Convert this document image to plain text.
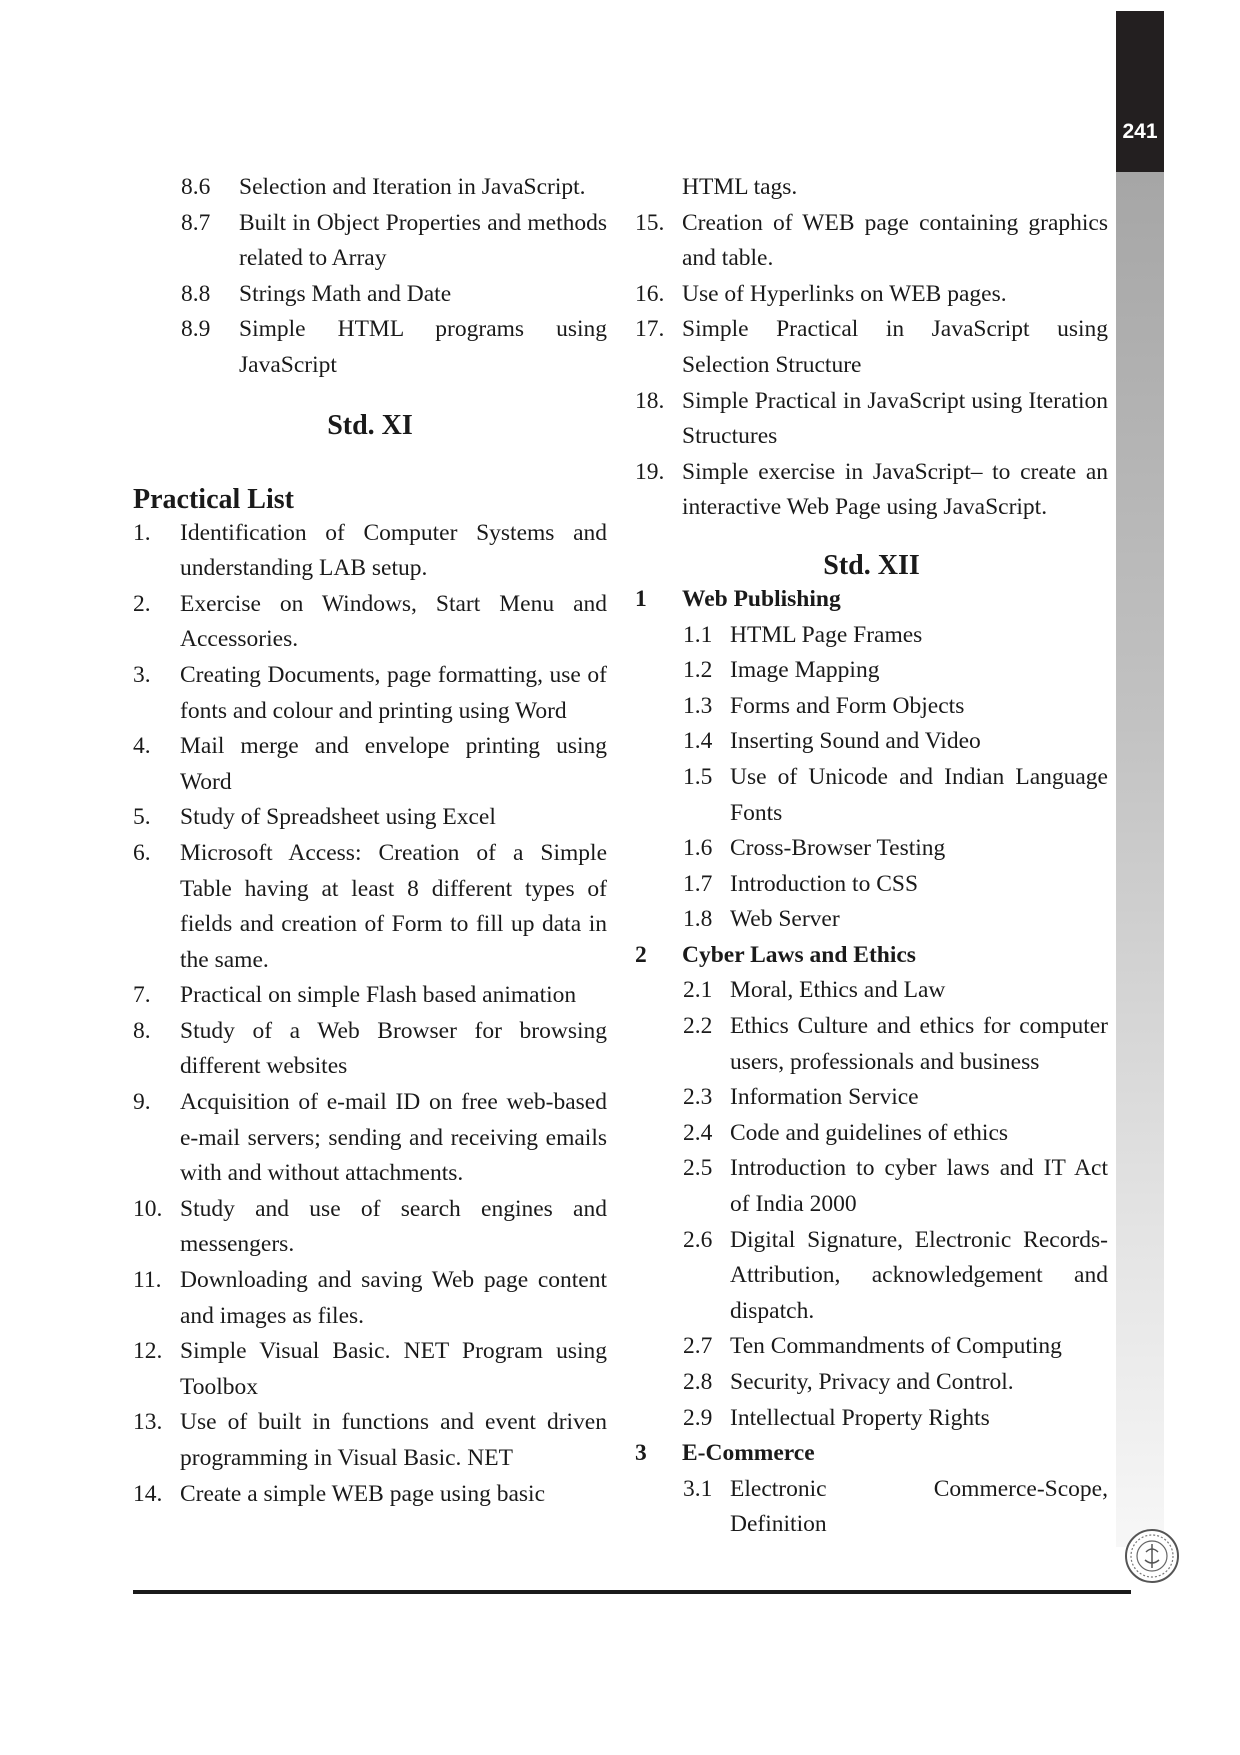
241
8.6 Selection and Iteration in JavaScript.
8.7 Built in Object Properties and methods related to Array
8.8 Strings Math and Date
8.9 Simple HTML programs using JavaScript
Std. XI
Practical List
1. Identification of Computer Systems and understanding LAB setup.
2. Exercise on Windows, Start Menu and Accessories.
3. Creating Documents, page formatting, use of fonts and colour and printing using Word
4. Mail merge and envelope printing using Word
5. Study of Spreadsheet using Excel
6. Microsoft Access: Creation of a Simple Table having at least 8 different types of fields and creation of Form to fill up data in the same.
7. Practical on simple Flash based animation
8. Study of a Web Browser for browsing different websites
9. Acquisition of e-mail ID on free web-based e-mail servers; sending and receiving emails with and without attachments.
10. Study and use of search engines and messengers.
11. Downloading and saving Web page content and images as files.
12. Simple Visual Basic. NET Program using Toolbox
13. Use of built in functions and event driven programming in Visual Basic. NET
14. Create a simple WEB page using basic
HTML tags.
15. Creation of WEB page containing graphics and table.
16. Use of Hyperlinks on WEB pages.
17. Simple Practical in JavaScript using Selection Structure
18. Simple Practical in JavaScript using Iteration Structures
19. Simple exercise in JavaScript– to create an interactive Web Page using JavaScript.
Std. XII
1 Web Publishing
1.1 HTML Page Frames
1.2 Image Mapping
1.3 Forms and Form Objects
1.4 Inserting Sound and Video
1.5 Use of Unicode and Indian Language Fonts
1.6 Cross-Browser Testing
1.7 Introduction to CSS
1.8 Web Server
2 Cyber Laws and Ethics
2.1 Moral, Ethics and Law
2.2 Ethics Culture and ethics for computer users, professionals and business
2.3 Information Service
2.4 Code and guidelines of ethics
2.5 Introduction to cyber laws and IT Act of India 2000
2.6 Digital Signature, Electronic Records-Attribution, acknowledgement and dispatch.
2.7 Ten Commandments of Computing
2.8 Security, Privacy and Control.
2.9 Intellectual Property Rights
3 E-Commerce
3.1 Electronic Commerce-Scope, Definition
